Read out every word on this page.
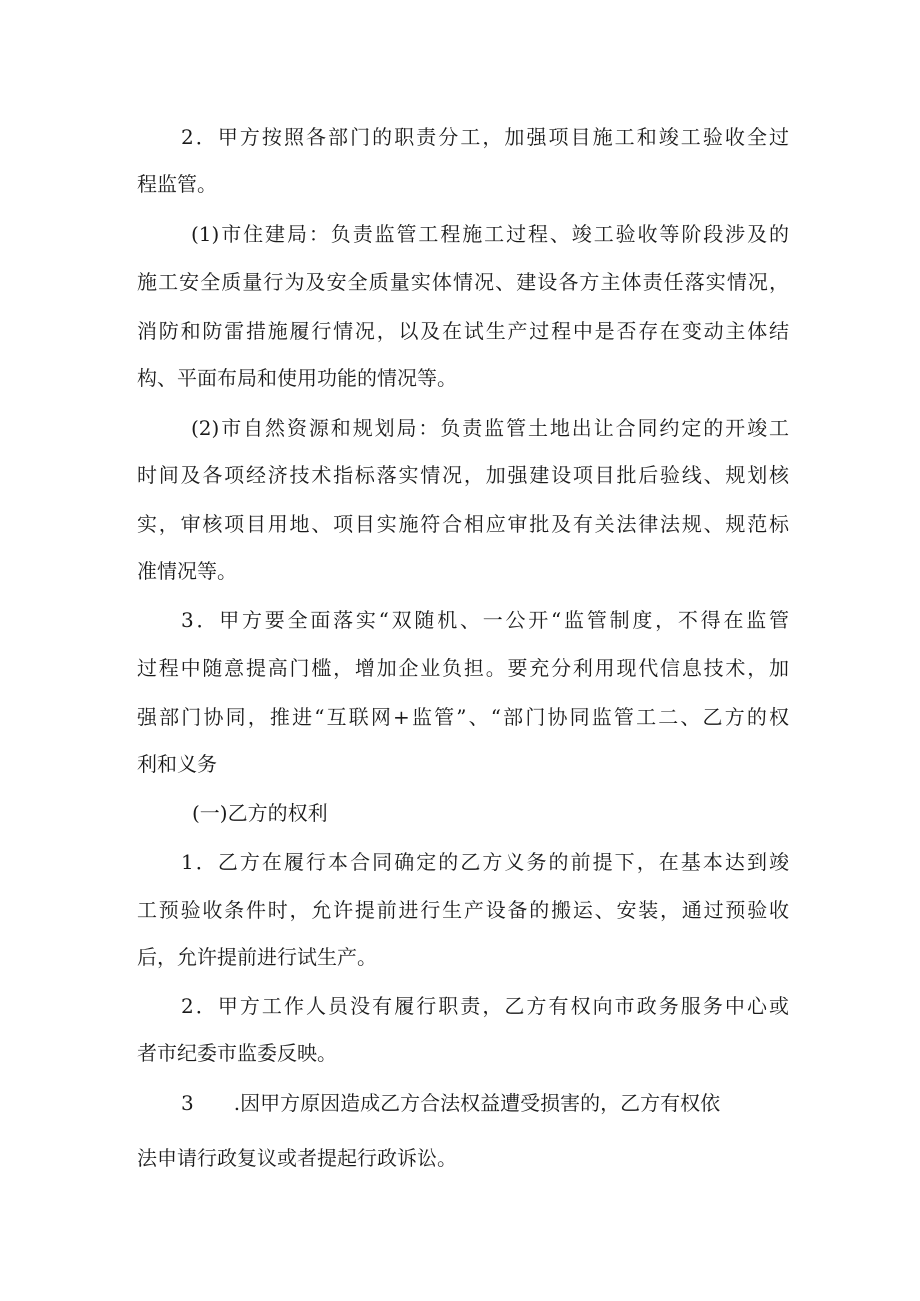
2．甲方按照各部门的职责分工，加强项目施工和竣工验收全过

程监管。

(1)市住建局：负责监管工程施工过程、竣工验收等阶段涉及的

施工安全质量行为及安全质量实体情况、建设各方主体责任落实情况，

消防和防雷措施履行情况，以及在试生产过程中是否存在变动主体结

构、平面布局和使用功能的情况等。

(2)市自然资源和规划局：负责监管土地出让合同约定的开竣工

时间及各项经济技术指标落实情况，加强建设项目批后验线、规划核

实，审核项目用地、项目实施符合相应审批及有关法律法规、规范标

准情况等。

3．甲方要全面落实“双随机、一公开“监管制度，不得在监管

过程中随意提高门槛，增加企业负担。要充分利用现代信息技术，加

强部门协同，推进“互联网+监管”、“部门协同监管工二、乙方的权

利和义务

(一)乙方的权利

1．乙方在履行本合同确定的乙方义务的前提下，在基本达到竣

工预验收条件时，允许提前进行生产设备的搬运、安装，通过预验收

后，允许提前进行试生产。

2．甲方工作人员没有履行职责，乙方有权向市政务服务中心或

者市纪委市监委反映。

3　　.因甲方原因造成乙方合法权益遭受损害的，乙方有权依

法申请行政复议或者提起行政诉讼。
